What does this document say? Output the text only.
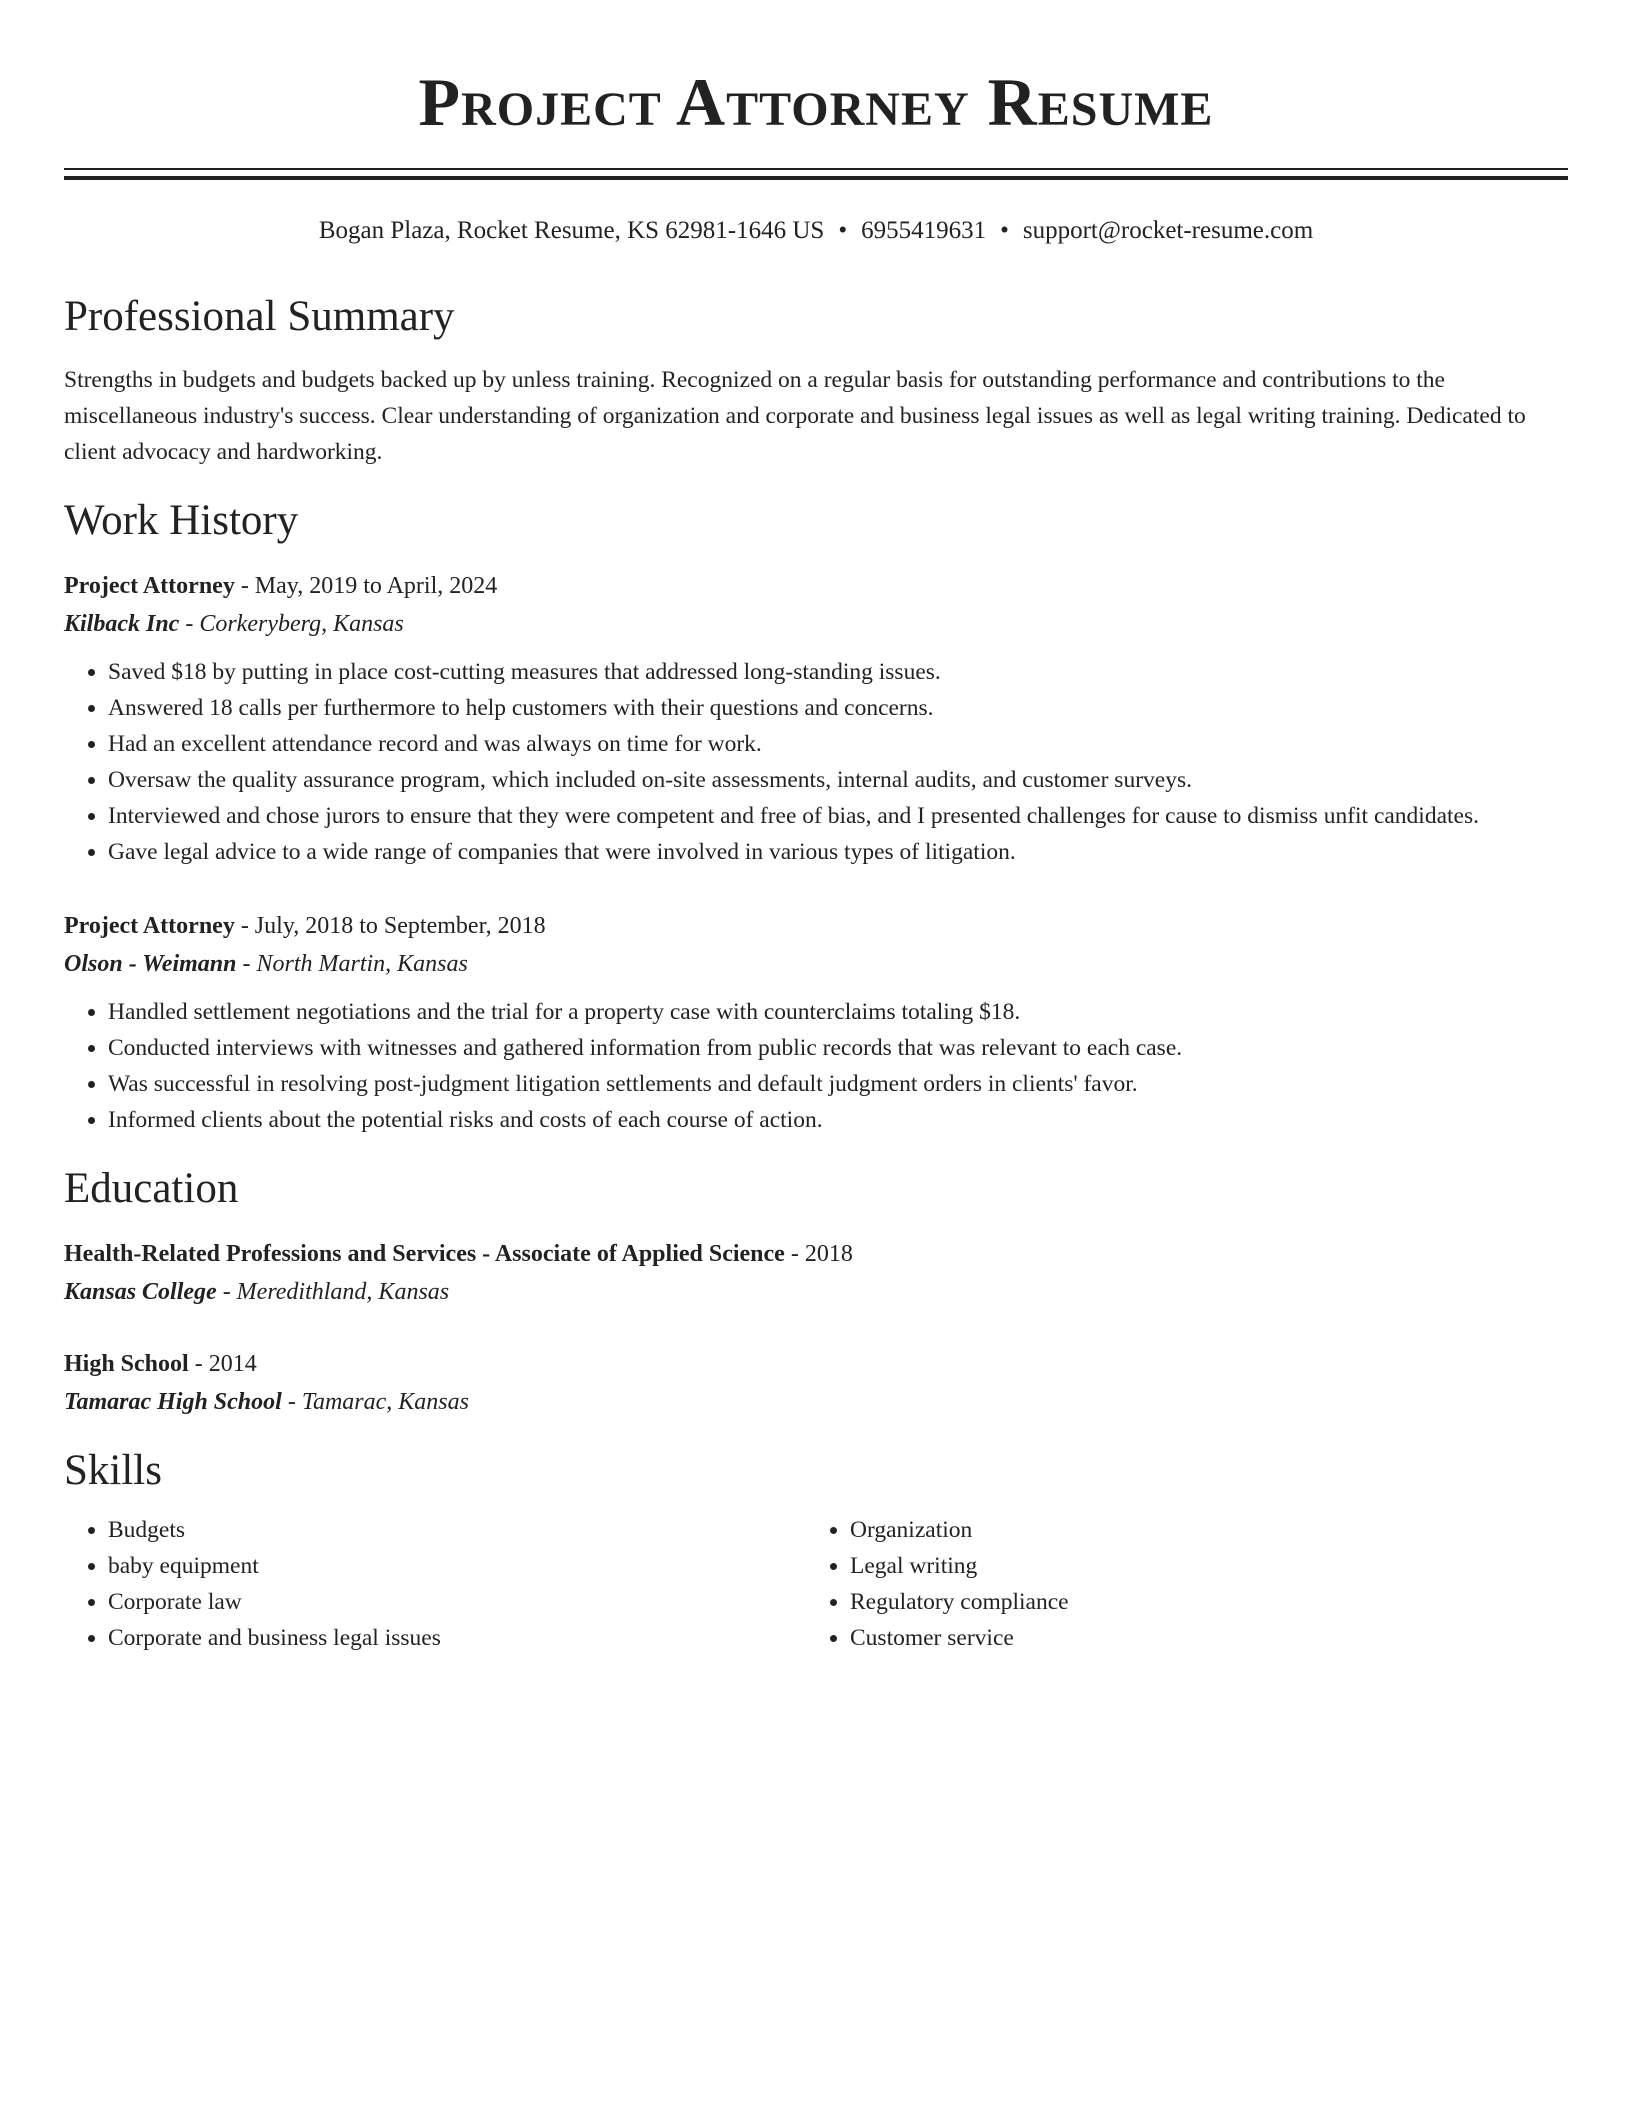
Project Attorney Resume
Bogan Plaza, Rocket Resume, KS 62981-1646 US • 6955419631 • support@rocket-resume.com
Professional Summary
Strengths in budgets and budgets backed up by unless training. Recognized on a regular basis for outstanding performance and contributions to the miscellaneous industry's success. Clear understanding of organization and corporate and business legal issues as well as legal writing training. Dedicated to client advocacy and hardworking.
Work History
Project Attorney - May, 2019 to April, 2024
Kilback Inc - Corkeryberg, Kansas
• Saved $18 by putting in place cost-cutting measures that addressed long-standing issues.
• Answered 18 calls per furthermore to help customers with their questions and concerns.
• Had an excellent attendance record and was always on time for work.
• Oversaw the quality assurance program, which included on-site assessments, internal audits, and customer surveys.
• Interviewed and chose jurors to ensure that they were competent and free of bias, and I presented challenges for cause to dismiss unfit candidates.
• Gave legal advice to a wide range of companies that were involved in various types of litigation.
Project Attorney - July, 2018 to September, 2018
Olson - Weimann - North Martin, Kansas
• Handled settlement negotiations and the trial for a property case with counterclaims totaling $18.
• Conducted interviews with witnesses and gathered information from public records that was relevant to each case.
• Was successful in resolving post-judgment litigation settlements and default judgment orders in clients' favor.
• Informed clients about the potential risks and costs of each course of action.
Education
Health-Related Professions and Services - Associate of Applied Science - 2018
Kansas College - Meredithland, Kansas
High School - 2014
Tamarac High School - Tamarac, Kansas
Skills
• Budgets
• baby equipment
• Corporate law
• Corporate and business legal issues
• Organization
• Legal writing
• Regulatory compliance
• Customer service
